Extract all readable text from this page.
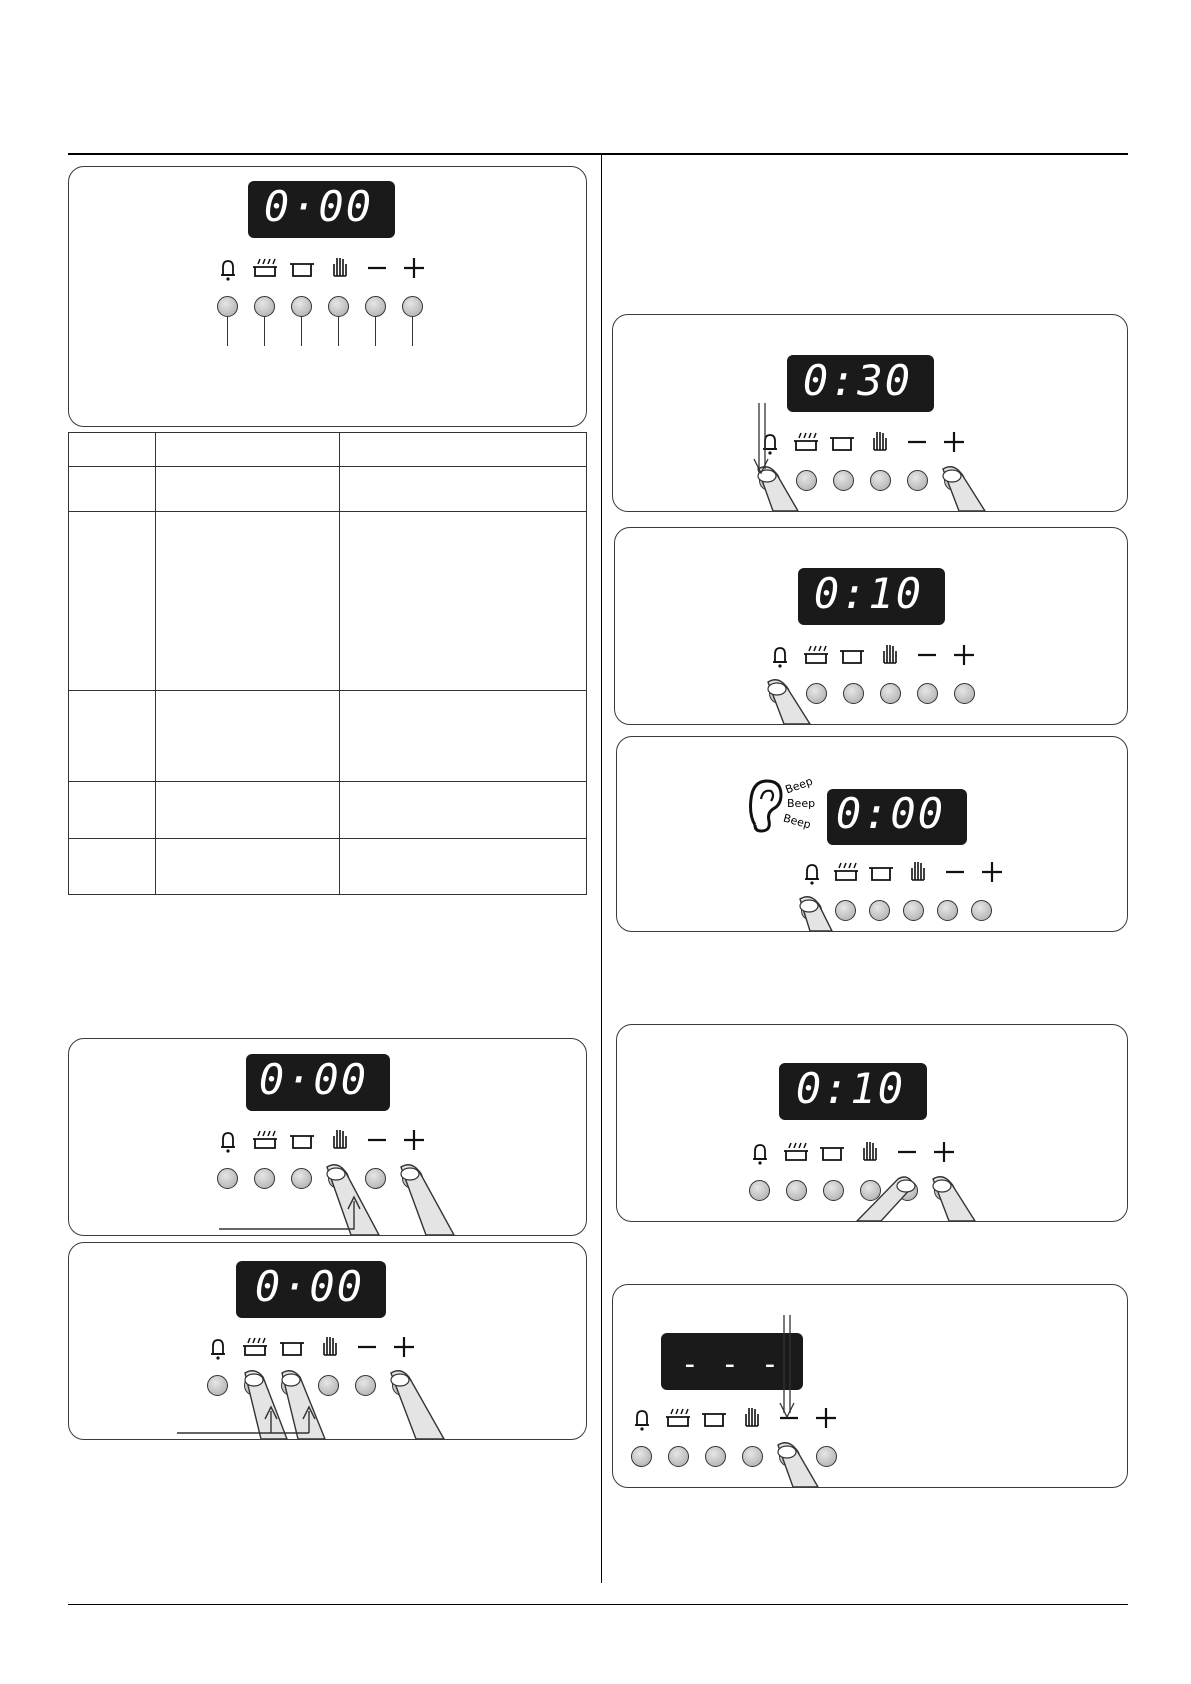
0·00

0·00
0·00
0:30
0:10
0:00
Beep
Beep
Beep
0:10
- - -
